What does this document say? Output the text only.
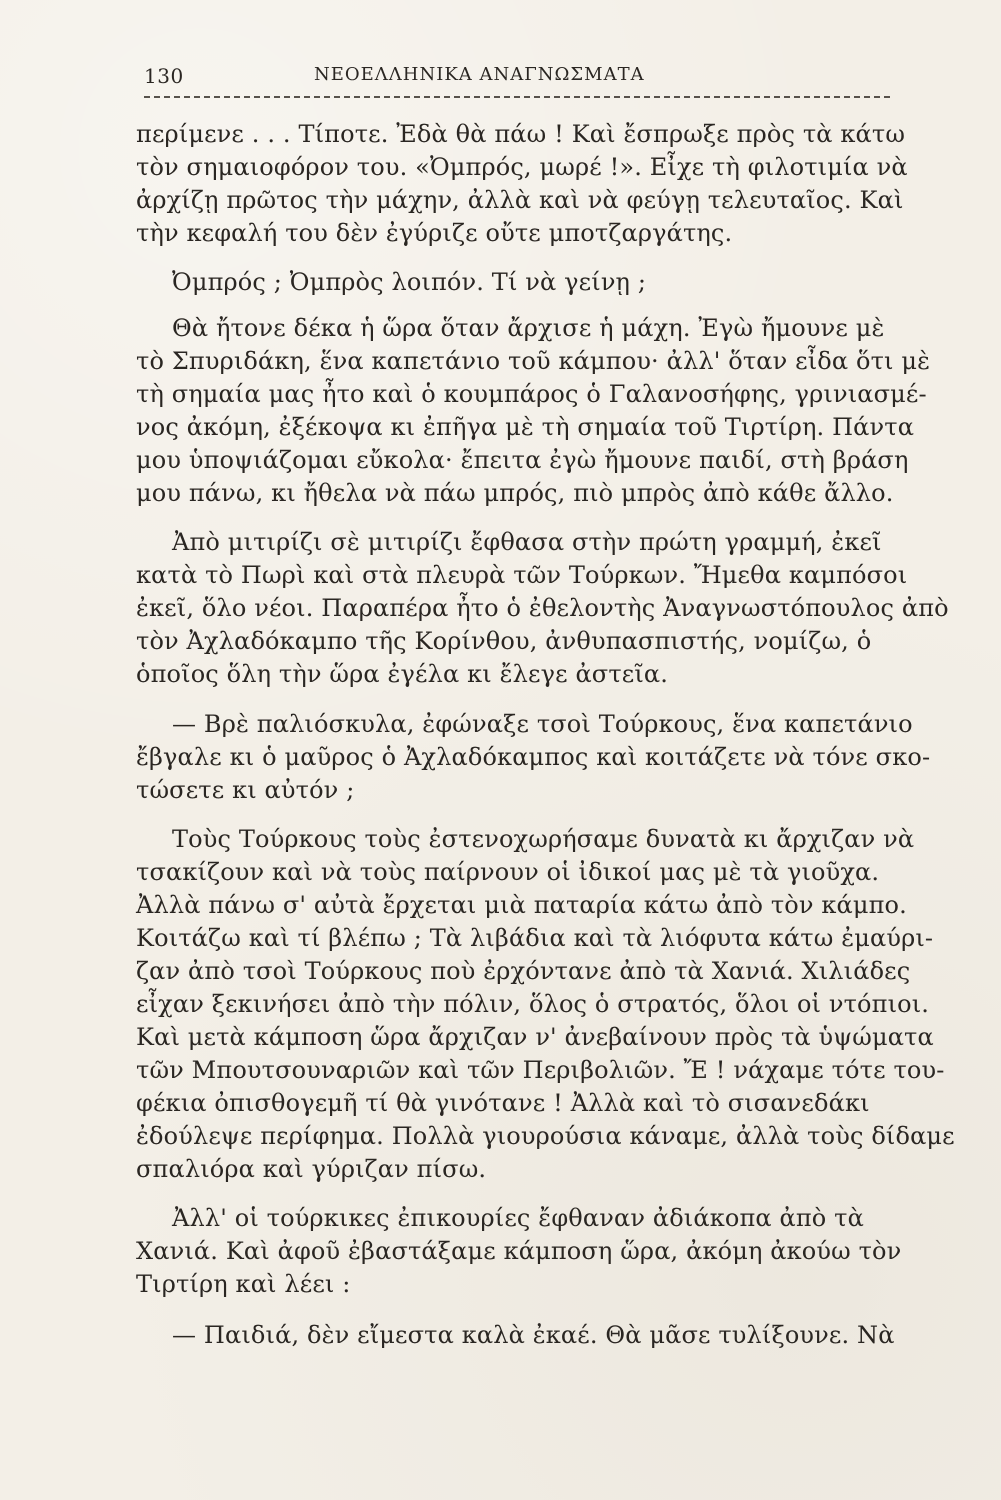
130	ΝΕΟΕΛΛΗΝΙΚΑ ΑΝΑΓΝΩΣΜΑΤΑ
περίμενε . . . Τίποτε. Ἐδὰ θὰ πάω ! Καὶ ἔσπρωξε πρὸς τὰ κάτω
τὸν σημαιοφόρον του. «Ὀμπρός, μωρέ !». Εἶχε τὴ φιλοτιμία νὰ
ἀρχίζῃ πρῶτος τὴν μάχην, ἀλλὰ καὶ νὰ φεύγῃ τελευταῖος. Καὶ
τὴν κεφαλή του δὲν ἐγύριζε οὔτε μποτζαργάτης.
Ὀμπρός ; Ὀμπρὸς λοιπόν. Τί νὰ γείνῃ ;
Θὰ ἤτονε δέκα ἡ ὥρα ὅταν ἄρχισε ἡ μάχη. Ἐγὼ ἤμουνε μὲ
τὸ Σπυριδάκη, ἕνα καπετάνιο τοῦ κάμπου· ἀλλ' ὅταν εἶδα ὅτι μὲ
τὴ σημαία μας ἦτο καὶ ὁ κουμπάρος ὁ Γαλανοσήφης, γρινιασμέ-
νος ἀκόμη, ἐξέκοψα κι ἐπῆγα μὲ τὴ σημαία τοῦ Τιρτίρη. Πάντα
μου ὑποψιάζομαι εὔκολα· ἔπειτα ἐγὼ ἤμουνε παιδί, στὴ βράση
μου πάνω, κι ἤθελα νὰ πάω μπρός, πιὸ μπρὸς ἀπὸ κάθε ἄλλο.
Ἀπὸ μιτιρίζι σὲ μιτιρίζι ἔφθασα στὴν πρώτη γραμμή, ἐκεῖ
κατὰ τὸ Πωρὶ καὶ στὰ πλευρὰ τῶν Τούρκων. Ἤμεθα καμπόσοι
ἐκεῖ, ὅλο νέοι. Παραπέρα ἦτο ὁ ἐθελοντὴς Ἀναγνωστόπουλος ἀπὸ
τὸν Ἀχλαδόκαμπο τῆς Κορίνθου, ἀνθυπασπιστής, νομίζω, ὁ
ὁποῖος ὅλη τὴν ὥρα ἐγέλα κι ἔλεγε ἀστεῖα.
— Βρὲ παλιόσκυλα, ἐφώναξε τσοὶ Τούρκους, ἕνα καπετάνιο
ἔβγαλε κι ὁ μαῦρος ὁ Ἀχλαδόκαμπος καὶ κοιτάζετε νὰ τόνε σκο-
τώσετε κι αὐτόν ;
Τοὺς Τούρκους τοὺς ἐστενοχωρήσαμε δυνατὰ κι ἄρχιζαν νὰ
τσακίζουν καὶ νὰ τοὺς παίρνουν οἱ ἰδικοί μας μὲ τὰ γιοῦχα.
Ἀλλὰ πάνω σ' αὐτὰ ἔρχεται μιὰ παταρία κάτω ἀπὸ τὸν κάμπο.
Κοιτάζω καὶ τί βλέπω ; Τὰ λιβάδια καὶ τὰ λιόφυτα κάτω ἐμαύρι-
ζαν ἀπὸ τσοὶ Τούρκους ποὺ ἐρχόντανε ἀπὸ τὰ Χανιά. Χιλιάδες
εἶχαν ξεκινήσει ἀπὸ τὴν πόλιν, ὅλος ὁ στρατός, ὅλοι οἱ ντόπιοι.
Καὶ μετὰ κάμποση ὥρα ἄρχιζαν ν' ἀνεβαίνουν πρὸς τὰ ὑψώματα
τῶν Μπουτσουναριῶν καὶ τῶν Περιβολιῶν. Ἔ ! νάχαμε τότε του-
φέκια ὀπισθογεμῆ τί θὰ γινότανε ! Ἀλλὰ καὶ τὸ σισανεδάκι
ἐδούλεψε περίφημα. Πολλὰ γιουρούσια κάναμε, ἀλλὰ τοὺς δίδαμε
σπαλιόρα καὶ γύριζαν πίσω.
Ἀλλ' οἱ τούρκικες ἐπικουρίες ἔφθαναν ἀδιάκοπα ἀπὸ τὰ
Χανιά. Καὶ ἀφοῦ ἐβαστάξαμε κάμποση ὥρα, ἀκόμη ἀκούω τὸν
Τιρτίρη καὶ λέει :
— Παιδιά, δὲν εἴμεστα καλὰ ἐκαέ. Θὰ μᾶσε τυλίξουνε. Νὰ
